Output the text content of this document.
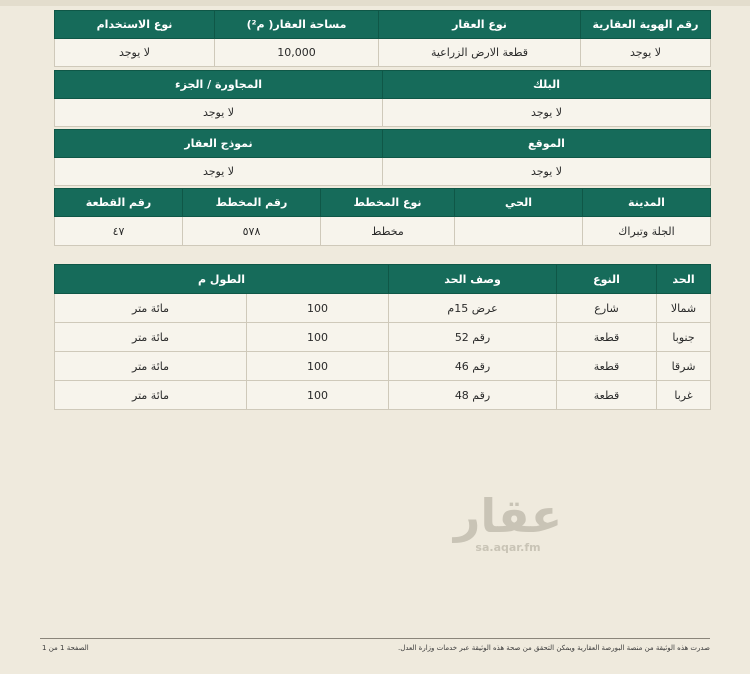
رقم الهوية العقارية	نوع العقار	مساحة العقار( م²)	نوع الاستخدام
لا يوجد	قطعة الارض الزراعية	10,000	لا يوجد
البلك	المجاورة / الجزء
لا يوجد	لا يوجد
الموقع	نموذج العقار
لا يوجد	لا يوجد
المدينة	الحي	نوع المخطط	رقم المخطط	رقم القطعة
الجلة وتبراك		مخطط	٥٧٨	٤٧
الحد	النوع	وصف الحد	الطول م	
شمالا	شارع	عرض 15م	100	مائة متر
جنوبا	قطعة	رقم 52	100	مائة متر
شرقا	قطعة	رقم 46	100	مائة متر
غربا	قطعة	رقم 48	100	مائة متر
عقار
sa.aqar.fm
صدرت هذه الوثيقة من منصة البورصة العقارية ويمكن التحقق من صحة هذه الوثيقة عبر خدمات وزارة العدل.
الصفحة 1 من 1
